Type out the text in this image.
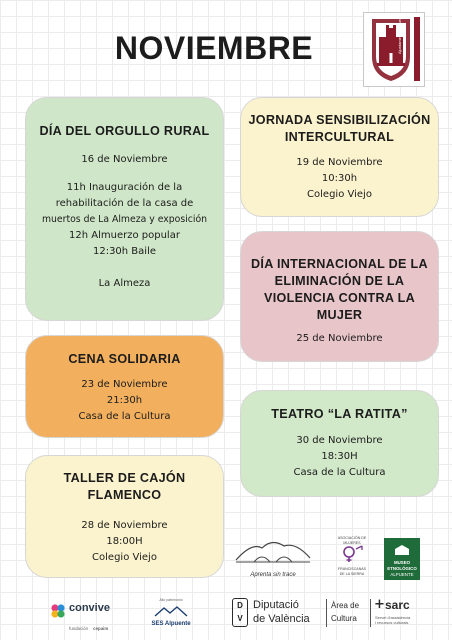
NOVIEMBRE
DÍA DEL ORGULLO RURAL

16 de Noviembre

11h Inauguración de la

rehabilitación de la casa de

muertos de La Almeza y exposición

12h Almuerzo popular

12:30h Baile

La Almeza

JORNADA SENSIBILIZACIÓN
INTERCULTURAL

19 de Noviembre

10:30h

Colegio Viejo

DÍA INTERNACIONAL DE LA
ELIMINACIÓN DE LA
VIOLENCIA CONTRA LA
MUJER

25 de Noviembre

CENA SOLIDARIA

23 de Noviembre

21:30h

Casa de la Cultura	TEATRO “LA RATITA”

30 de Noviembre

18:30H

Casa de la Cultura

TALLER DE CAJÓN
FLAMENCO

28 de Noviembre

18:00H

Colegio Viejo

Aprenta sin trace
ASOCIACIÓN DE
MUJERES
FRANCISCANAS
DE LA SIERRA
MUSEO
ETNOLÓGICO
ALPUENTE
convive
fundación cepaim
Alto patrimonio
SES Alpuente
D
V
Diputació
de València
Àrea de
Cultura
+ sarc
Servei d'assistència
i recursos culturals
Ajuntament d'Alpuente
